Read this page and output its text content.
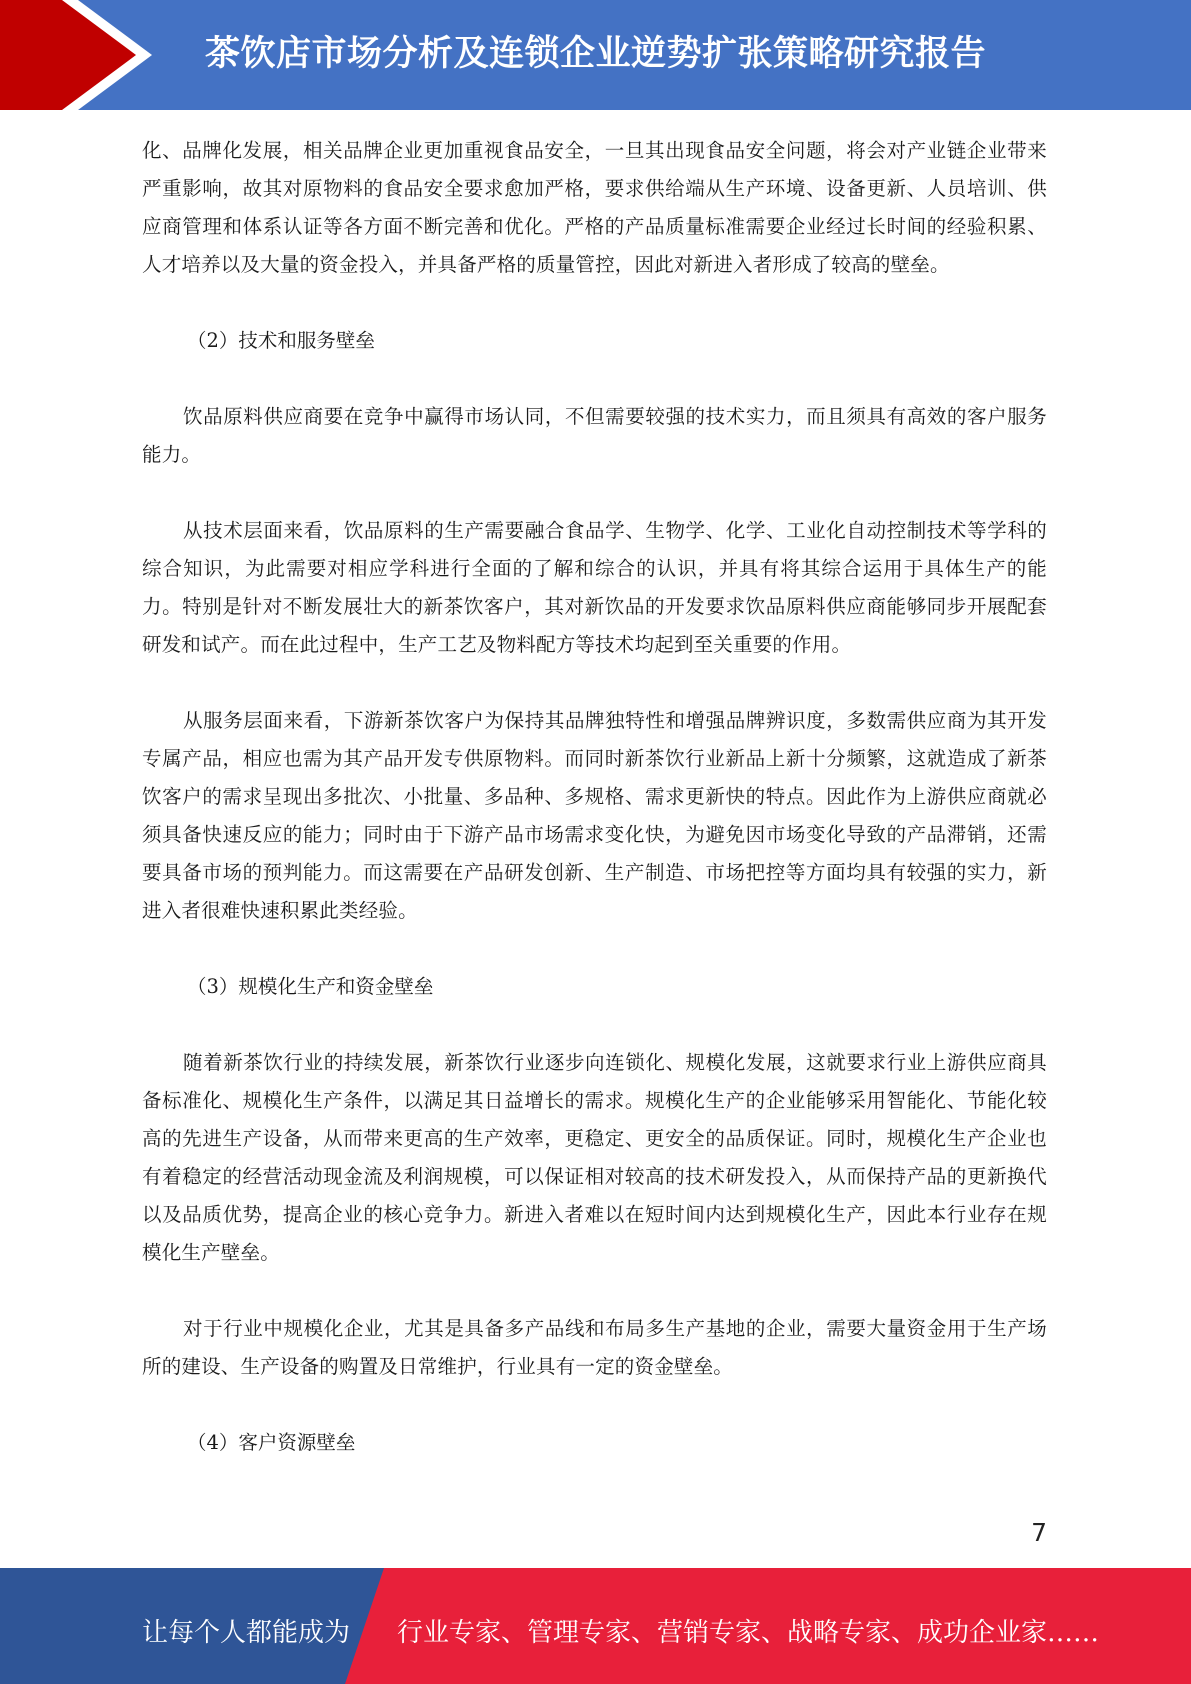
茶饮店市场分析及连锁企业逆势扩张策略研究报告

化、品牌化发展，相关品牌企业更加重视食品安全，一旦其出现食品安全问题，将会对产业链企业带来严重影响，故其对原物料的食品安全要求愈加严格，要求供给端从生产环境、设备更新、人员培训、供应商管理和体系认证等各方面不断完善和优化。严格的产品质量标准需要企业经过长时间的经验积累、人才培养以及大量的资金投入，并具备严格的质量管控，因此对新进入者形成了较高的壁垒。

（2）技术和服务壁垒

饮品原料供应商要在竞争中赢得市场认同，不但需要较强的技术实力，而且须具有高效的客户服务能力。

从技术层面来看，饮品原料的生产需要融合食品学、生物学、化学、工业化自动控制技术等学科的综合知识，为此需要对相应学科进行全面的了解和综合的认识，并具有将其综合运用于具体生产的能力。特别是针对不断发展壮大的新茶饮客户，其对新饮品的开发要求饮品原料供应商能够同步开展配套研发和试产。而在此过程中，生产工艺及物料配方等技术均起到至关重要的作用。

从服务层面来看，下游新茶饮客户为保持其品牌独特性和增强品牌辨识度，多数需供应商为其开发专属产品，相应也需为其产品开发专供原物料。而同时新茶饮行业新品上新十分频繁，这就造成了新茶饮客户的需求呈现出多批次、小批量、多品种、多规格、需求更新快的特点。因此作为上游供应商就必须具备快速反应的能力；同时由于下游产品市场需求变化快，为避免因市场变化导致的产品滞销，还需要具备市场的预判能力。而这需要在产品研发创新、生产制造、市场把控等方面均具有较强的实力，新进入者很难快速积累此类经验。

（3）规模化生产和资金壁垒

随着新茶饮行业的持续发展，新茶饮行业逐步向连锁化、规模化发展，这就要求行业上游供应商具备标准化、规模化生产条件，以满足其日益增长的需求。规模化生产的企业能够采用智能化、节能化较高的先进生产设备，从而带来更高的生产效率，更稳定、更安全的品质保证。同时，规模化生产企业也有着稳定的经营活动现金流及利润规模，可以保证相对较高的技术研发投入，从而保持产品的更新换代以及品质优势，提高企业的核心竞争力。新进入者难以在短时间内达到规模化生产，因此本行业存在规模化生产壁垒。

对于行业中规模化企业，尤其是具备多产品线和布局多生产基地的企业，需要大量资金用于生产场所的建设、生产设备的购置及日常维护，行业具有一定的资金壁垒。

（4）客户资源壁垒

7
让每个人都能成为 行业专家、管理专家、营销专家、战略专家、成功企业家……
